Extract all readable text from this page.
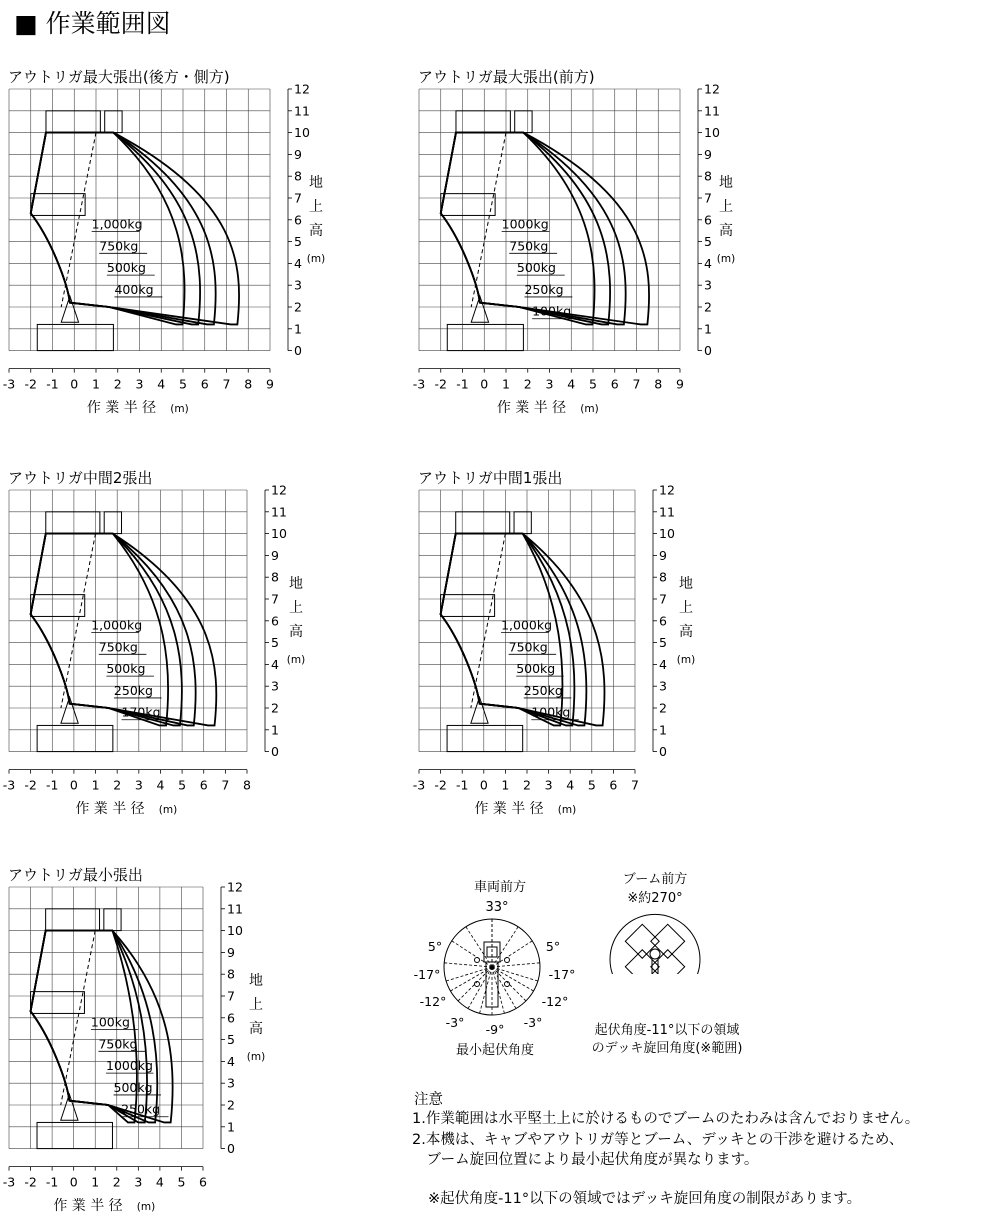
■ 作業範囲図
アウトリガ最大張出(後方・側方)
0
1
2
3
4
5
6
7
8
9
10
11
12
-3 -2 -1 0 1 2 3 4 5 6 7 8 9
作 業 半 径 (m)
地
上
高
(m)
1,000kg
750kg
500kg
400kg
アウトリガ最大張出(前方)
0
1
2
3
4
5
6
7
8
9
10
11
12
-3 -2 -1 0 1 2 3 4 5 6 7 8 9
作 業 半 径 (m)
地
上
高
(m)
1000kg
750kg
500kg
250kg
100kg
アウトリガ中間2張出
0
1
2
3
4
5
6
7
8
9
10
11
12
-3 -2 -1 0 1 2 3 4 5 6 7 8
作 業 半 径 (m)
地
上
高
(m)
1,000kg
750kg
500kg
250kg
170kg
アウトリガ中間1張出
0
1
2
3
4
5
6
7
8
9
10
11
12
-3 -2 -1 0 1 2 3 4 5 6 7
作 業 半 径 (m)
地
上
高
(m)
1,000kg
750kg
500kg
250kg
100kg
アウトリガ最小張出
0
1
2
3
4
5
6
7
8
9
10
11
12
-3 -2 -1 0 1 2 3 4 5 6
作 業 半 径 (m)
地
上
高
(m)
100kg
750kg
1000kg
500kg
250kg
車両前方
33°
5°	5°
-17°	-17°
-12°	-12°
-3°	-3°
-9°
最小起伏角度
ブーム前方
※約270°
起伏角度-11°以下の領域
のデッキ旋回角度(※範囲)
注意
1.作業範囲は水平堅土上に於けるものでブームのたわみは含んでおりません。
2.本機は、キャブやアウトリガ等とブーム、デッキとの干渉を避けるため、
　ブーム旋回位置により最小起伏角度が異なります。
※起伏角度-11°以下の領域ではデッキ旋回角度の制限があります。
